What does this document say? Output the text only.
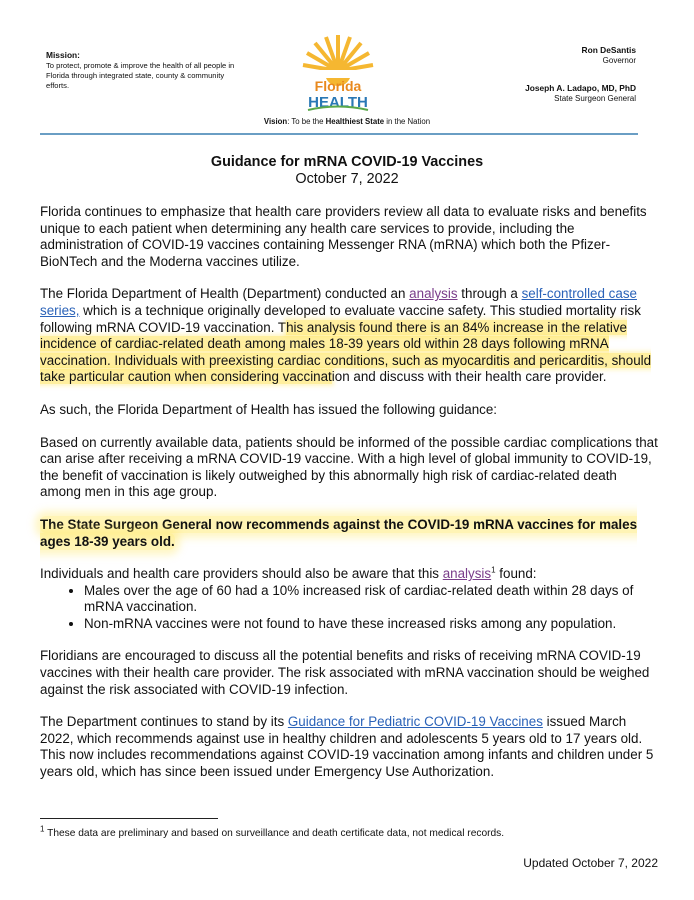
Mission:
To protect, promote & improve the health of all people in Florida through integrated state, county & community efforts.	Florida
HEALTH
Ron DeSantis
Governor
Joseph A. Ladapo, MD, PhD
State Surgeon General
Vision: To be the Healthiest State in the Nation
Guidance for mRNA COVID-19 Vaccines
October 7, 2022

Florida continues to emphasize that health care providers review all data to evaluate risks and benefits unique to each patient when determining any health care services to provide, including the administration of COVID-19 vaccines containing Messenger RNA (mRNA) which both the Pfizer-BioNTech and the Moderna vaccines utilize.

The Florida Department of Health (Department) conducted an analysis through a self-controlled case series, which is a technique originally developed to evaluate vaccine safety. This studied mortality risk following mRNA COVID-19 vaccination. This analysis found there is an 84% increase in the relative incidence of cardiac-related death among males 18-39 years old within 28 days following mRNA vaccination. Individuals with preexisting cardiac conditions, such as myocarditis and pericarditis, should take particular caution when considering vaccination and discuss with their health care provider.

As such, the Florida Department of Health has issued the following guidance:

Based on currently available data, patients should be informed of the possible cardiac complications that can arise after receiving a mRNA COVID-19 vaccine. With a high level of global immunity to COVID-19, the benefit of vaccination is likely outweighed by this abnormally high risk of cardiac-related death among men in this age group.

The State Surgeon General now recommends against the COVID-19 mRNA vaccines for males ages 18-39 years old.

Individuals and health care providers should also be aware that this analysis$^1$ found:

• Males over the age of 60 had a 10% increased risk of cardiac-related death within 28 days of mRNA vaccination.
• Non-mRNA vaccines were not found to have these increased risks among any population.

Floridians are encouraged to discuss all the potential benefits and risks of receiving mRNA COVID-19 vaccines with their health care provider. The risk associated with mRNA vaccination should be weighed against the risk associated with COVID-19 infection.

The Department continues to stand by its Guidance for Pediatric COVID-19 Vaccines issued March 2022, which recommends against use in healthy children and adolescents 5 years old to 17 years old. This now includes recommendations against COVID-19 vaccination among infants and children under 5 years old, which has since been issued under Emergency Use Authorization.

$^1$ These data are preliminary and based on surveillance and death certificate data, not medical records.
Updated October 7, 2022
